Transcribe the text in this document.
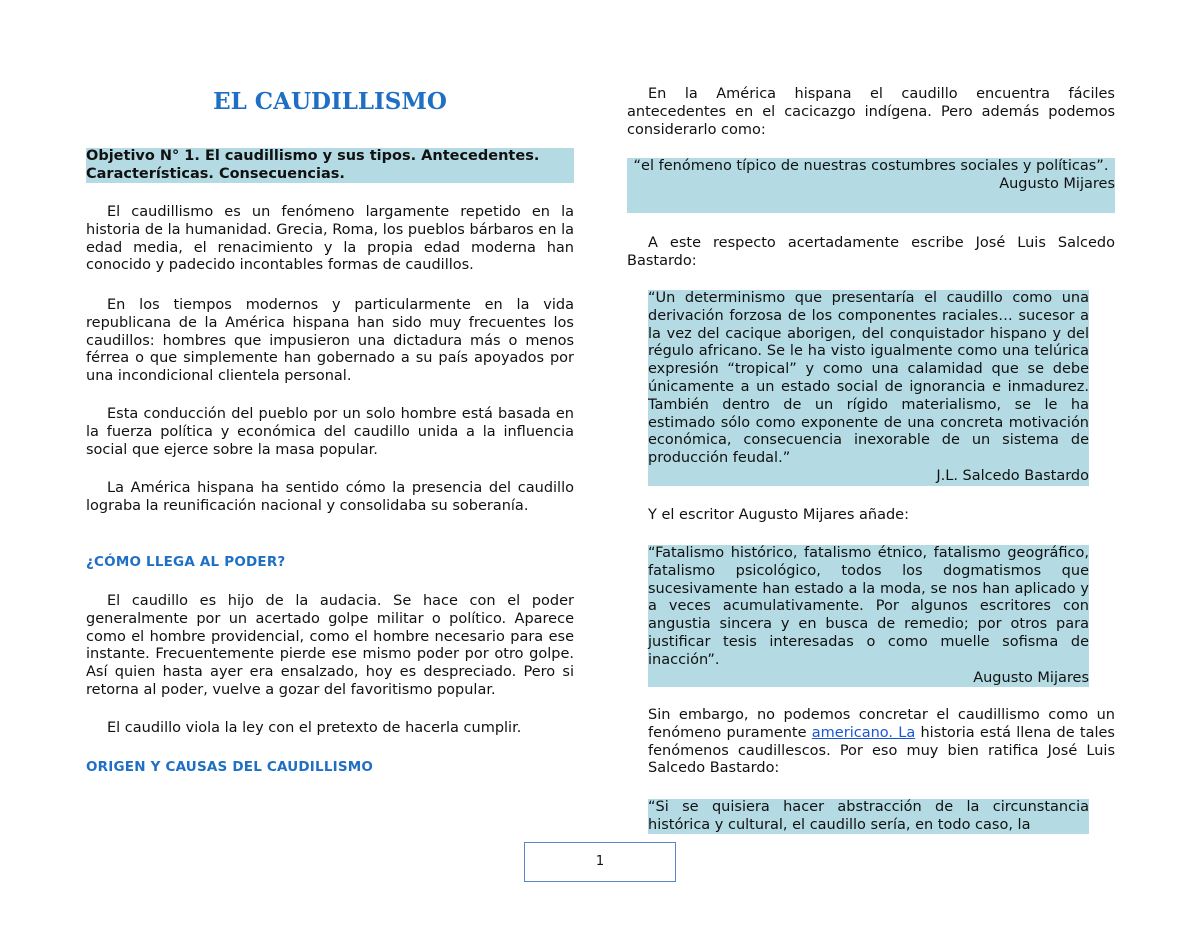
EL CAUDILLISMO

Objetivo N° 1. El caudillismo y sus tipos. Antecedentes. Características. Consecuencias.

El caudillismo es un fenómeno largamente repetido en la historia de la humanidad. Grecia, Roma, los pueblos bárbaros en la edad media, el renacimiento y la propia edad moderna han conocido y padecido incontables formas de caudillos.

En los tiempos modernos y particularmente en la vida republicana de la América hispana han sido muy frecuentes los caudillos: hombres que impusieron una dictadura más o menos férrea o que simplemente han gobernado a su país apoyados por una incondicional clientela personal.

Esta conducción del pueblo por un solo hombre está basada en la fuerza política y económica del caudillo unida a la influencia social que ejerce sobre la masa popular.

La América hispana ha sentido cómo la presencia del caudillo lograba la reunificación nacional y consolidaba su soberanía.

¿CÓMO LLEGA AL PODER?

El caudillo es hijo de la audacia. Se hace con el poder generalmente por un acertado golpe militar o político. Aparece como el hombre providencial, como el hombre necesario para ese instante. Frecuentemente pierde ese mismo poder por otro golpe. Así quien hasta ayer era ensalzado, hoy es despreciado. Pero si retorna al poder, vuelve a gozar del favoritismo popular.

El caudillo viola la ley con el pretexto de hacerla cumplir.

ORIGEN Y CAUSAS DEL CAUDILLISMO

En la América hispana el caudillo encuentra fáciles antecedentes en el cacicazgo indígena. Pero además podemos considerarlo como:

“el fenómeno típico de nuestras costumbres sociales y políticas”.

Augusto Mijares

A este respecto acertadamente escribe José Luis Salcedo Bastardo:

“Un determinismo que presentaría el caudillo como una derivación forzosa de los componentes raciales… sucesor a la vez del cacique aborigen, del conquistador hispano y del régulo africano. Se le ha visto igualmente como una telúrica expresión “tropical” y como una calamidad que se debe únicamente a un estado social de ignorancia e inmadurez. También dentro de un rígido materialismo, se le ha estimado sólo como exponente de una concreta motivación económica, consecuencia inexorable de un sistema de producción feudal.”

J.L. Salcedo Bastardo

Y el escritor Augusto Mijares añade:

“Fatalismo histórico, fatalismo étnico, fatalismo geográfico, fatalismo psicológico, todos los dogmatismos que sucesivamente han estado a la moda, se nos han aplicado y a veces acumulativamente. Por algunos escritores con angustia sincera y en busca de remedio; por otros para justificar tesis interesadas o como muelle sofisma de inacción”.

Augusto Mijares

Sin embargo, no podemos concretar el caudillismo como un fenómeno puramente americano. La historia está llena de tales fenómenos caudillescos. Por eso muy bien ratifica José Luis Salcedo Bastardo:

“Si se quisiera hacer abstracción de la circunstancia histórica y cultural, el caudillo sería, en todo caso, la

1
